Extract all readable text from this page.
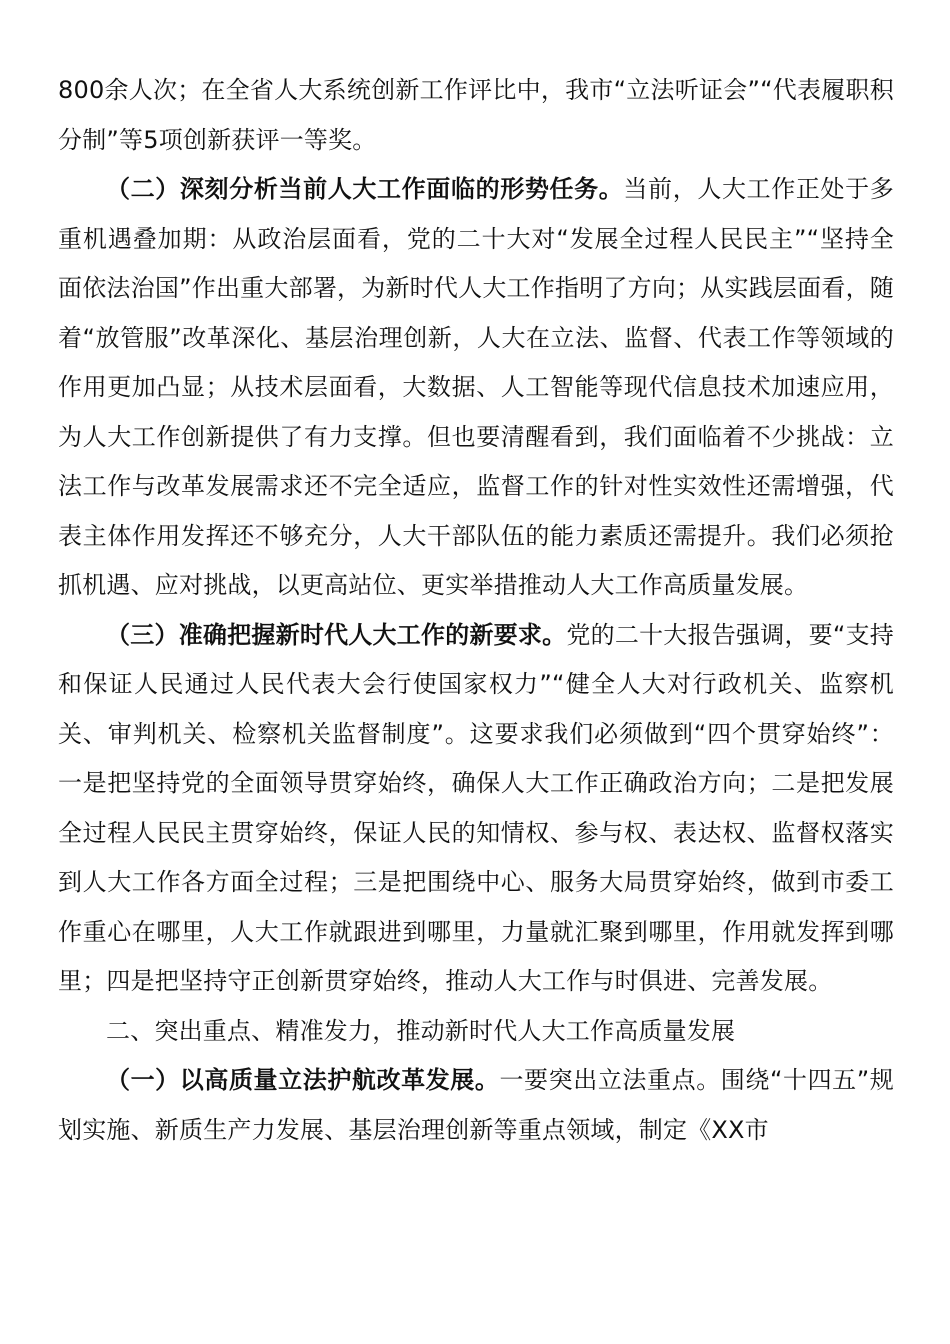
800余人次；在全省人大系统创新工作评比中，我市“立法听证会”“代表履职积分制”等5项创新获评一等奖。

（二）深刻分析当前人大工作面临的形势任务。当前，人大工作正处于多重机遇叠加期：从政治层面看，党的二十大对“发展全过程人民民主”“坚持全面依法治国”作出重大部署，为新时代人大工作指明了方向；从实践层面看，随着“放管服”改革深化、基层治理创新，人大在立法、监督、代表工作等领域的作用更加凸显；从技术层面看，大数据、人工智能等现代信息技术加速应用，为人大工作创新提供了有力支撑。但也要清醒看到，我们面临着不少挑战：立法工作与改革发展需求还不完全适应，监督工作的针对性实效性还需增强，代表主体作用发挥还不够充分，人大干部队伍的能力素质还需提升。我们必须抢抓机遇、应对挑战，以更高站位、更实举措推动人大工作高质量发展。

（三）准确把握新时代人大工作的新要求。党的二十大报告强调，要“支持和保证人民通过人民代表大会行使国家权力”“健全人大对行政机关、监察机关、审判机关、检察机关监督制度”。这要求我们必须做到“四个贯穿始终”：一是把坚持党的全面领导贯穿始终，确保人大工作正确政治方向；二是把发展全过程人民民主贯穿始终，保证人民的知情权、参与权、表达权、监督权落实到人大工作各方面全过程；三是把围绕中心、服务大局贯穿始终，做到市委工作重心在哪里，人大工作就跟进到哪里，力量就汇聚到哪里，作用就发挥到哪里；四是把坚持守正创新贯穿始终，推动人大工作与时俱进、完善发展。

二、突出重点、精准发力，推动新时代人大工作高质量发展

（一）以高质量立法护航改革发展。一要突出立法重点。围绕“十四五”规划实施、新质生产力发展、基层治理创新等重点领域，制定《XX市
